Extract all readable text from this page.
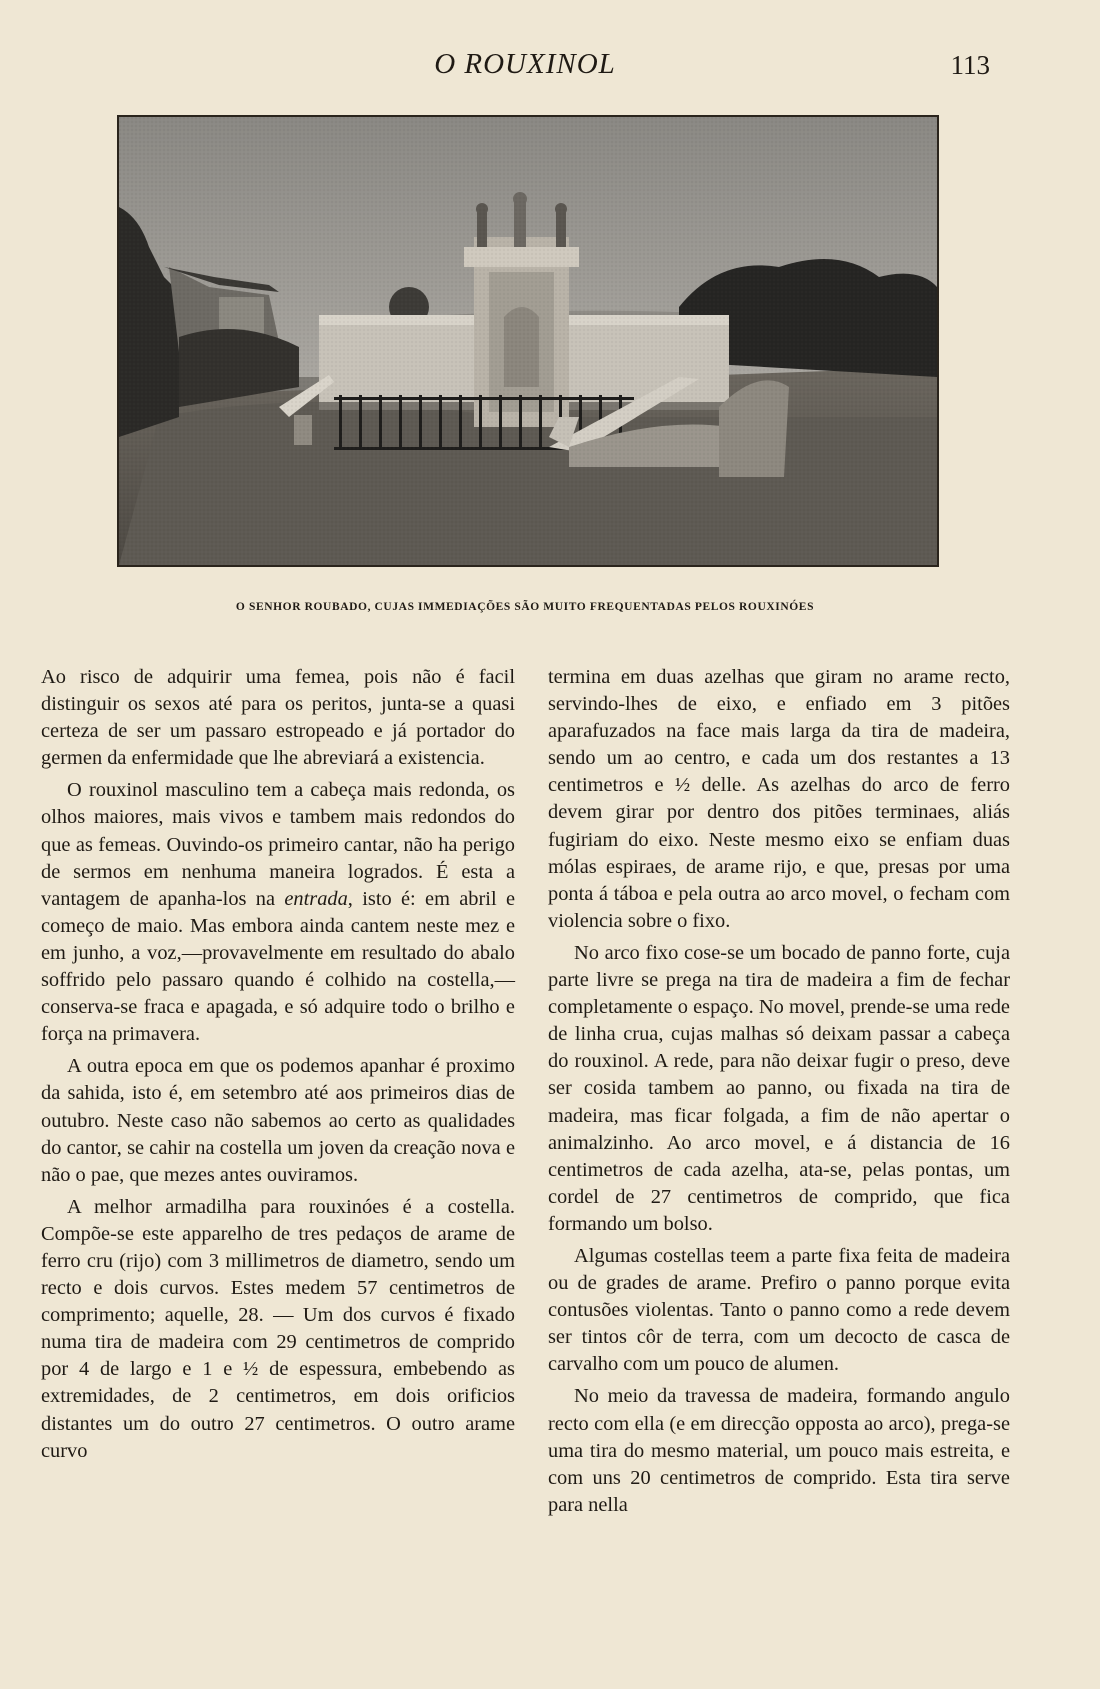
O ROUXINOL	113
O SENHOR ROUBADO, CUJAS IMMEDIAÇÕES SÃO MUITO FREQUENTADAS PELOS ROUXINÓES

Ao risco de adquirir uma femea, pois não é facil distinguir os sexos até para os peritos, junta-se a quasi certeza de ser um passaro estropeado e já portador do germen da enfermidade que lhe abreviará a existencia.

O rouxinol masculino tem a cabeça mais redonda, os olhos maiores, mais vivos e tambem mais redondos do que as femeas. Ouvindo-os primeiro cantar, não ha perigo de sermos em nenhuma maneira logrados. É esta a vantagem de apanha-los na entrada, isto é: em abril e começo de maio. Mas embora ainda cantem neste mez e em junho, a voz,—provavelmente em resultado do abalo soffrido pelo passaro quando é colhido na costella,—conserva-se fraca e apagada, e só adquire todo o brilho e força na primavera.

A outra epoca em que os podemos apanhar é proximo da sahida, isto é, em setembro até aos primeiros dias de outubro. Neste caso não sabemos ao certo as qualidades do cantor, se cahir na costella um joven da creação nova e não o pae, que mezes antes ouviramos.

A melhor armadilha para rouxinóes é a costella. Compõe-se este apparelho de tres pedaços de arame de ferro cru (rijo) com 3 millimetros de diametro, sendo um recto e dois curvos. Estes medem 57 centimetros de comprimento; aquelle, 28. — Um dos curvos é fixado numa tira de madeira com 29 centimetros de comprido por 4 de largo e 1 e ½ de espessura, embebendo as extremidades, de 2 centimetros, em dois orificios distantes um do outro 27 centimetros. O outro arame curvo

termina em duas azelhas que giram no arame recto, servindo-lhes de eixo, e enfiado em 3 pitões aparafuzados na face mais larga da tira de madeira, sendo um ao centro, e cada um dos restantes a 13 centimetros e ½ delle. As azelhas do arco de ferro devem girar por dentro dos pitões terminaes, aliás fugiriam do eixo. Neste mesmo eixo se enfiam duas mólas espiraes, de arame rijo, e que, presas por uma ponta á táboa e pela outra ao arco movel, o fecham com violencia sobre o fixo.

No arco fixo cose-se um bocado de panno forte, cuja parte livre se prega na tira de madeira a fim de fechar completamente o espaço. No movel, prende-se uma rede de linha crua, cujas malhas só deixam passar a cabeça do rouxinol. A rede, para não deixar fugir o preso, deve ser cosida tambem ao panno, ou fixada na tira de madeira, mas ficar folgada, a fim de não apertar o animalzinho. Ao arco movel, e á distancia de 16 centimetros de cada azelha, ata-se, pelas pontas, um cordel de 27 centimetros de comprido, que fica formando um bolso.

Algumas costellas teem a parte fixa feita de madeira ou de grades de arame. Prefiro o panno porque evita contusões violentas. Tanto o panno como a rede devem ser tintos côr de terra, com um decocto de casca de carvalho com um pouco de alumen.

No meio da travessa de madeira, formando angulo recto com ella (e em direcção opposta ao arco), prega-se uma tira do mesmo material, um pouco mais estreita, e com uns 20 centimetros de comprido. Esta tira serve para nella
